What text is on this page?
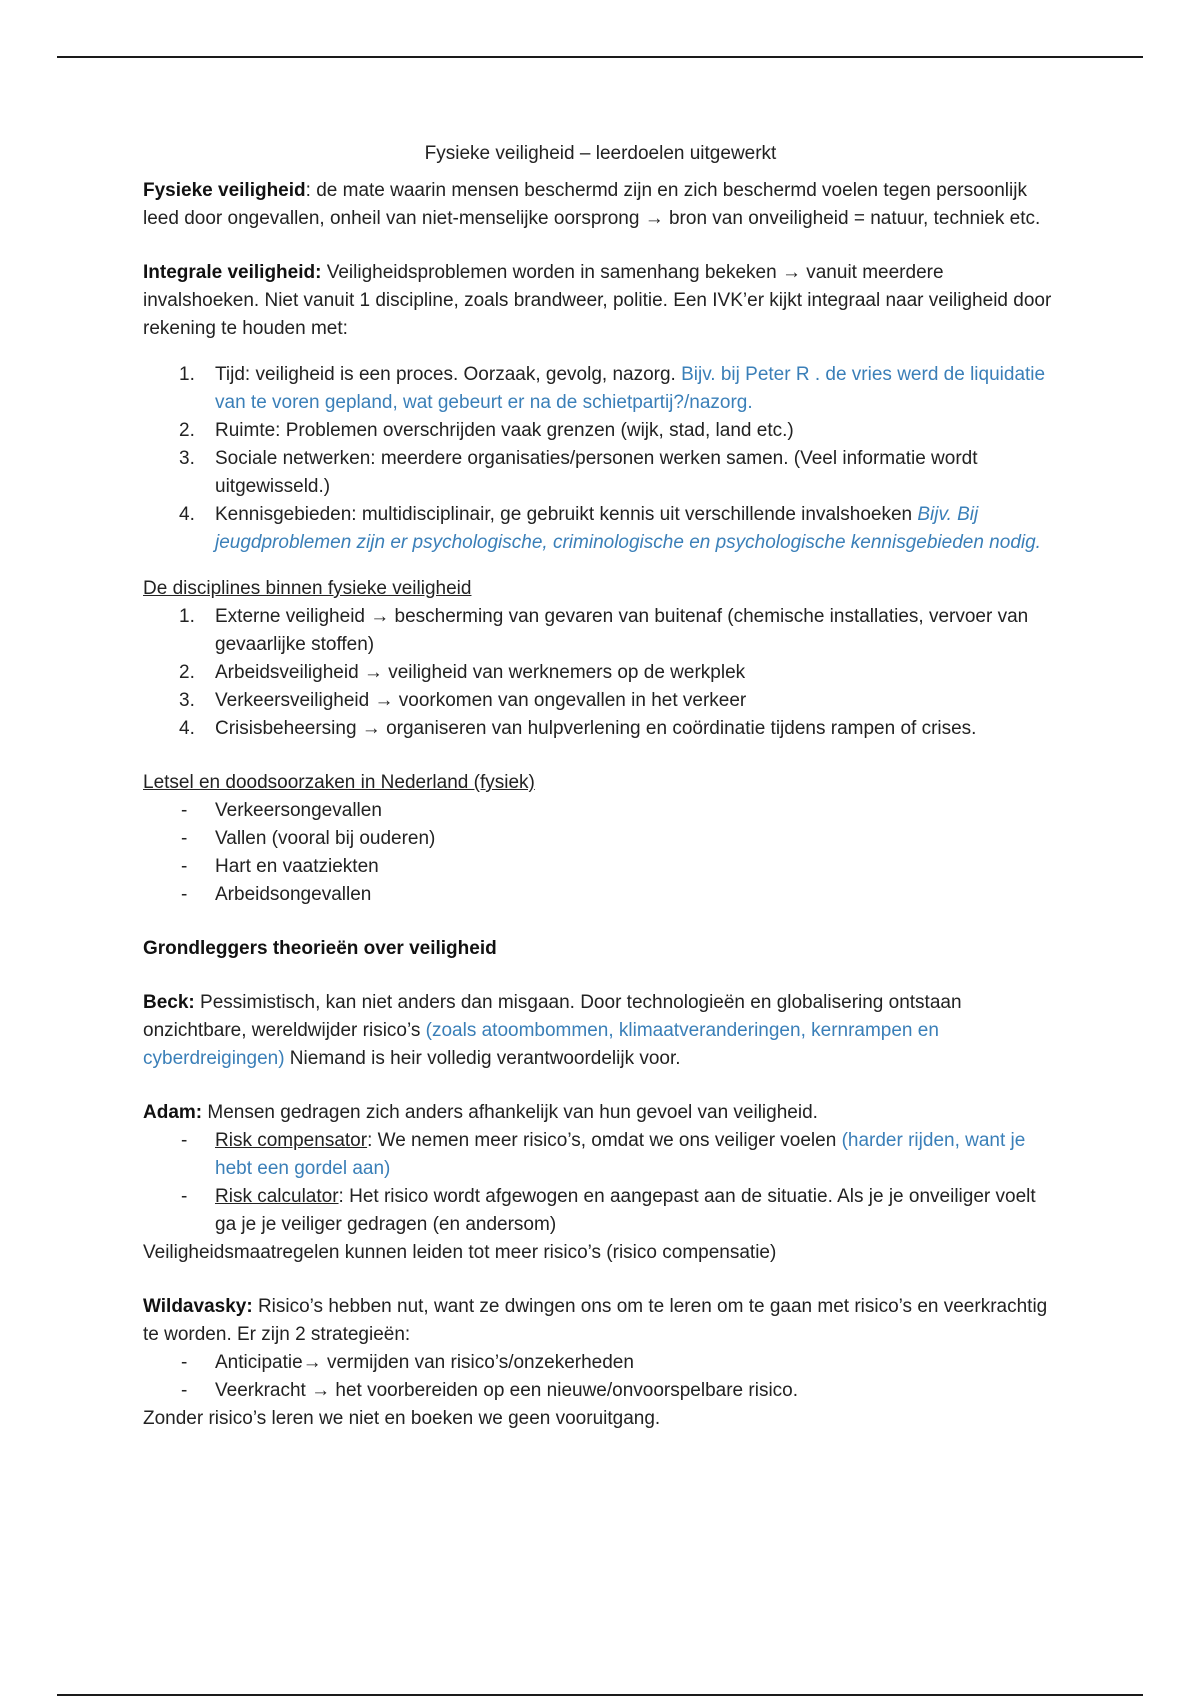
Fysieke veiligheid – leerdoelen uitgewerkt

Fysieke veiligheid: de mate waarin mensen beschermd zijn en zich beschermd voelen tegen persoonlijk leed door ongevallen, onheil van niet-menselijke oorsprong → bron van onveiligheid = natuur, techniek etc.

Integrale veiligheid: Veiligheidsproblemen worden in samenhang bekeken → vanuit meerdere invalshoeken. Niet vanuit 1 discipline, zoals brandweer, politie. Een IVK’er kijkt integraal naar veiligheid door rekening te houden met:

1. Tijd: veiligheid is een proces. Oorzaak, gevolg, nazorg. Bijv. bij Peter R . de vries werd de liquidatie van te voren gepland, wat gebeurt er na de schietpartij?/nazorg.
2. Ruimte: Problemen overschrijden vaak grenzen (wijk, stad, land etc.)
3. Sociale netwerken: meerdere organisaties/personen werken samen. (Veel informatie wordt uitgewisseld.)
4. Kennisgebieden: multidisciplinair, ge gebruikt kennis uit verschillende invalshoeken Bijv. Bij jeugdproblemen zijn er psychologische, criminologische en psychologische kennisgebieden nodig.

De disciplines binnen fysieke veiligheid

1. Externe veiligheid → bescherming van gevaren van buitenaf (chemische installaties, vervoer van gevaarlijke stoffen)
2. Arbeidsveiligheid → veiligheid van werknemers op de werkplek
3. Verkeersveiligheid → voorkomen van ongevallen in het verkeer
4. Crisisbeheersing → organiseren van hulpverlening en coördinatie tijdens rampen of crises.

Letsel en doodsoorzaken in Nederland (fysiek)

- Verkeersongevallen
- Vallen (vooral bij ouderen)
- Hart en vaatziekten
- Arbeidsongevallen

Grondleggers theorieën over veiligheid

Beck: Pessimistisch, kan niet anders dan misgaan. Door technologieën en globalisering ontstaan onzichtbare, wereldwijder risico’s (zoals atoombommen, klimaatveranderingen, kernrampen en cyberdreigingen) Niemand is heir volledig verantwoordelijk voor.

Adam: Mensen gedragen zich anders afhankelijk van hun gevoel van veiligheid.

- Risk compensator: We nemen meer risico’s, omdat we ons veiliger voelen (harder rijden, want je hebt een gordel aan)
- Risk calculator: Het risico wordt afgewogen en aangepast aan de situatie. Als je je onveiliger voelt ga je je veiliger gedragen (en andersom)

Veiligheidsmaatregelen kunnen leiden tot meer risico’s (risico compensatie)

Wildavasky: Risico’s hebben nut, want ze dwingen ons om te leren om te gaan met risico’s en veerkrachtig te worden. Er zijn 2 strategieën:

- Anticipatie→ vermijden van risico’s/onzekerheden
- Veerkracht → het voorbereiden op een nieuwe/onvoorspelbare risico.

Zonder risico’s leren we niet en boeken we geen vooruitgang.
